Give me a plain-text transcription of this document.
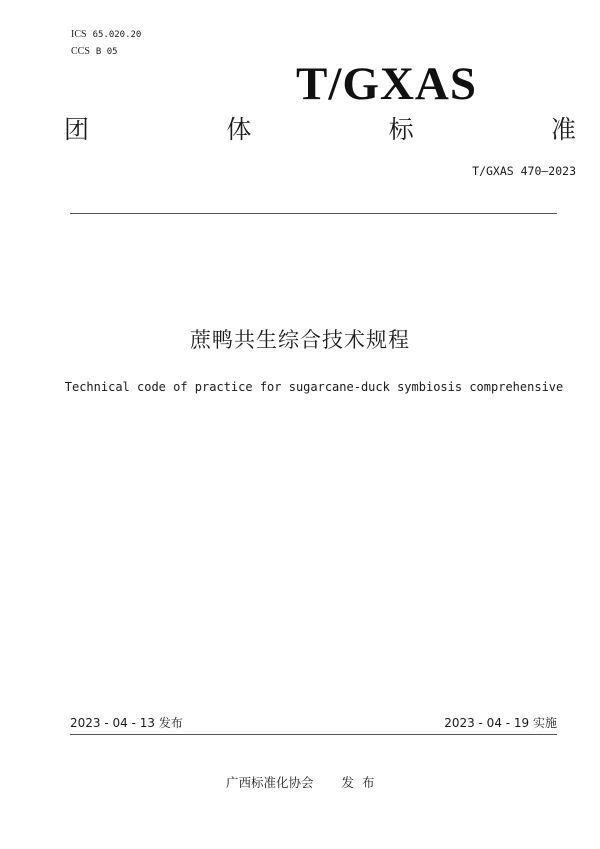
ICS 65.020.20
CCS B 05
T/GXAS
团	体	标	准
T/GXAS 470—2023
蔗鸭共生综合技术规程
Technical code of practice for sugarcane-duck symbiosis comprehensive
2023 - 04 - 13 发布	2023 - 04 - 19 实施
广西标准化协会 发布
